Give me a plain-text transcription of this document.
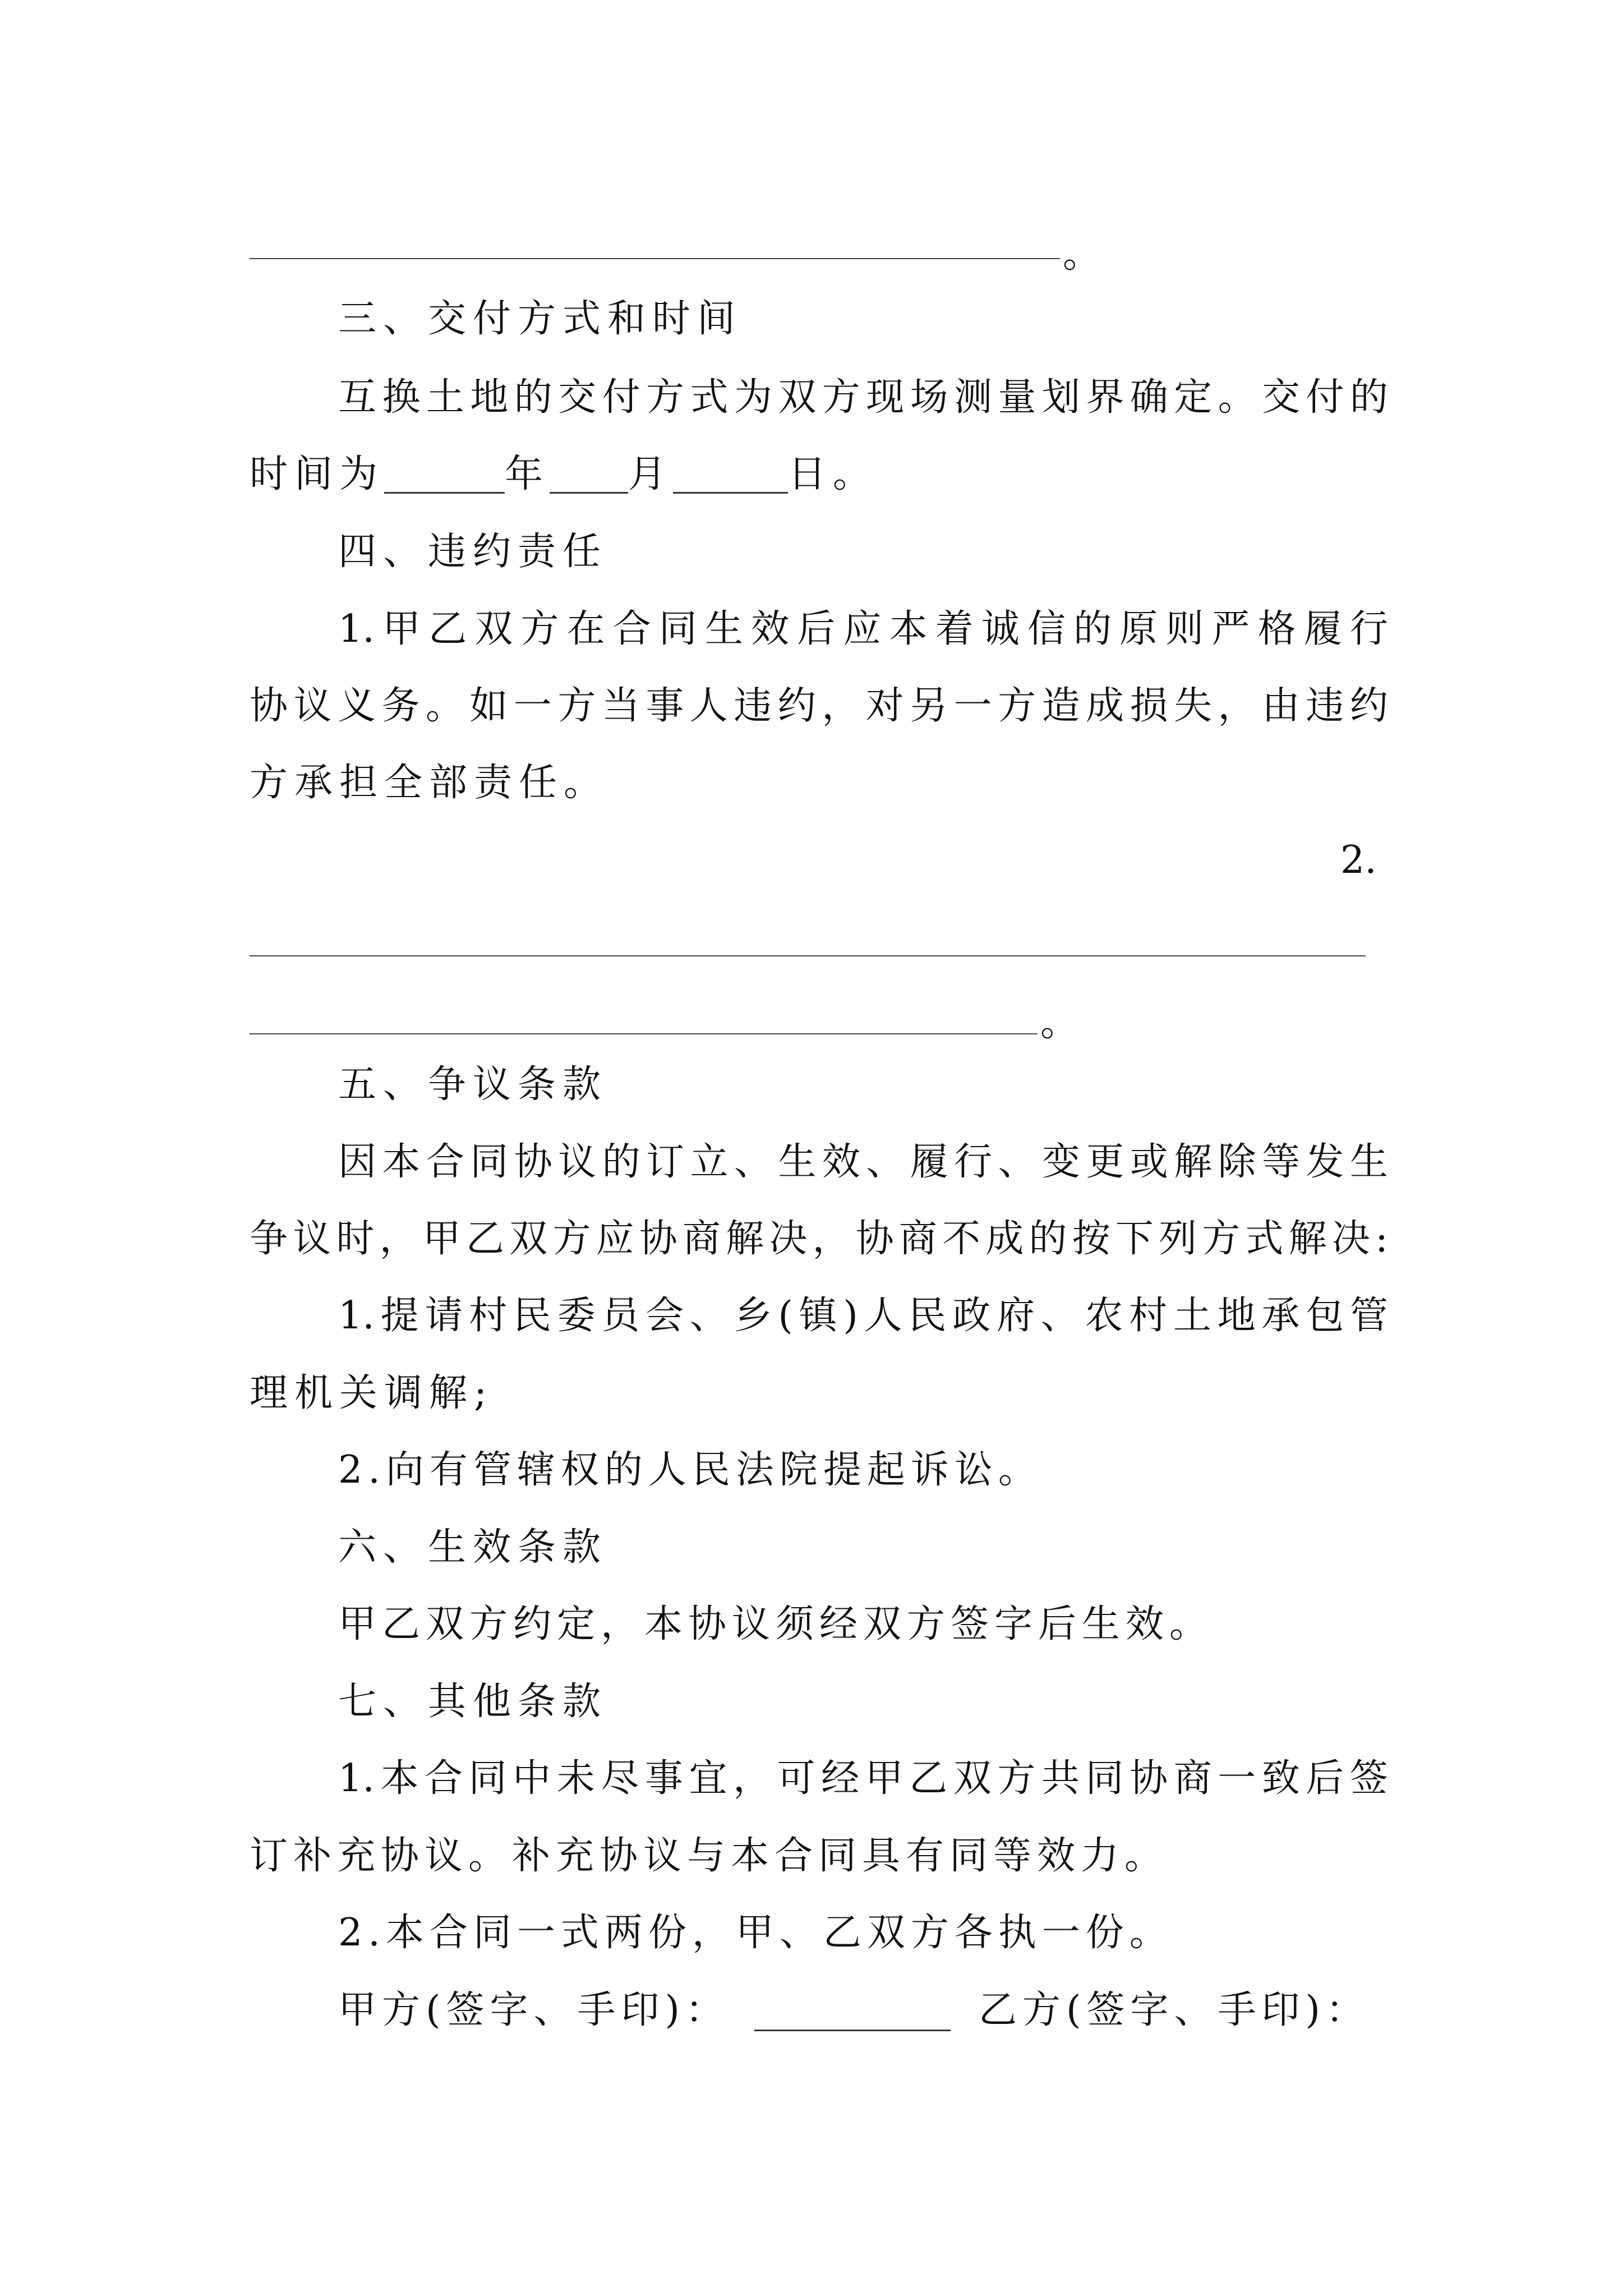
。
三、交付方式和时间
互换土地的交付方式为双方现场测量划界确定。交付的
时间为	年 月	日。
四、违约责任
1.甲乙双方在合同生效后应本着诚信的原则严格履行
协议义务。如一方当事人违约，对另一方造成损失，由违约
方承担全部责任。
2.
。
五、争议条款
因本合同协议的订立、生效、履行、变更或解除等发生
争议时，甲乙双方应协商解决，协商不成的按下列方式解决:
1.提请村民委员会、乡(镇)人民政府、农村土地承包管
理机关调解;
2.向有管辖权的人民法院提起诉讼。
六、生效条款
甲乙双方约定，本协议须经双方签字后生效。
七、其他条款
1.本合同中未尽事宜，可经甲乙双方共同协商一致后签
订补充协议。补充协议与本合同具有同等效力。
2.本合同一式两份，甲、乙双方各执一份。
甲方(签字、手印)：	乙方(签字、手印)：
